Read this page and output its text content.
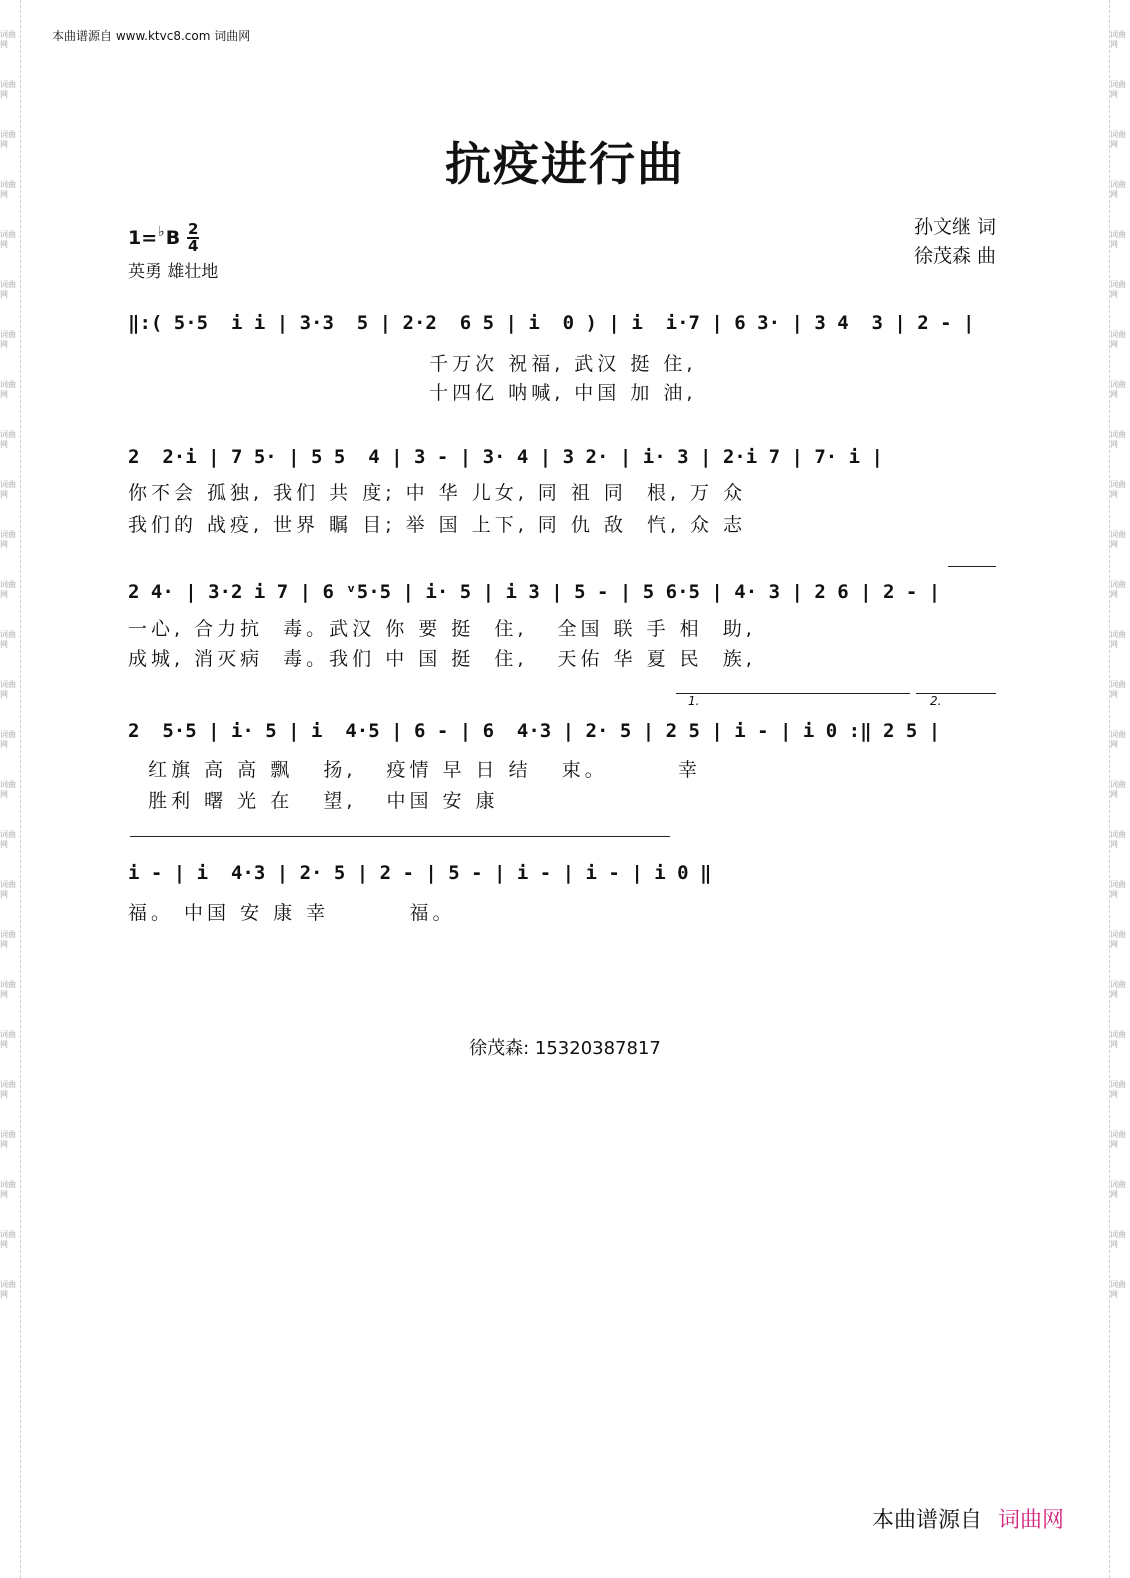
词曲网
词曲网
词曲网
词曲网
词曲网
词曲网
词曲网
词曲网
词曲网
词曲网
词曲网
词曲网
词曲网
词曲网
词曲网
词曲网
词曲网
词曲网
词曲网
词曲网
词曲网
词曲网
词曲网
词曲网
词曲网
词曲网
词曲网
词曲网
词曲网
词曲网
词曲网
词曲网
词曲网
词曲网
词曲网
词曲网
词曲网
词曲网
词曲网
词曲网
词曲网
词曲网
词曲网
词曲网
词曲网
词曲网
词曲网
词曲网
词曲网
词曲网
词曲网
词曲网
本曲谱源自 www.ktvc8.com 词曲网
抗疫进行曲
1= ♭ B $\frac{2}{4}$
英勇 雄壮地
孙文继 词
徐茂森 曲
‖:( 5·5  i i | 3·3  5 | 2·2  6 5 | i  0 ) | i  i·7 | 6 3· | 3 4  3 | 2 - |
千万次 祝福, 武汉 挺 住,
十四亿 呐喊, 中国 加 油,
2  2·i | 7 5· | 5 5  4 | 3 - | 3· 4 | 3 2· | i· 3 | 2·i 7 | 7· i |
你不会 孤独, 我们 共 度; 中 华 儿女, 同 祖 同  根, 万 众
我们的 战疫, 世界 瞩 目; 举 国 上下, 同 仇 敌  忾, 众 志
2 4· | 3·2 i 7 | 6 ᵛ5·5 | i· 5 | i 3 | 5 - | 5 6·5 | 4· 3 | 2 6 | 2 - |
一心, 合力抗  毒。武汉 你 要 挺  住,   全国 联 手 相  助,
成城, 消灭病  毒。我们 中 国 挺  住,   天佑 华 夏 民  族,
1.	2.
2  5·5 | i· 5 | i  4·5 | 6 - | 6  4·3 | 2· 5 | 2 5 | i - | i 0 :‖ 2 5 |
红旗 高 高 飘   扬,   疫情 早 日 结   束。       幸
胜利 曙 光 在   望,   中国 安 康
i - | i  4·3 | 2· 5 | 2 - | 5 - | i - | i - | i 0 ‖
福。 中国 安 康 幸        福。
徐茂森: 15320387817
本曲谱源自 词曲网
